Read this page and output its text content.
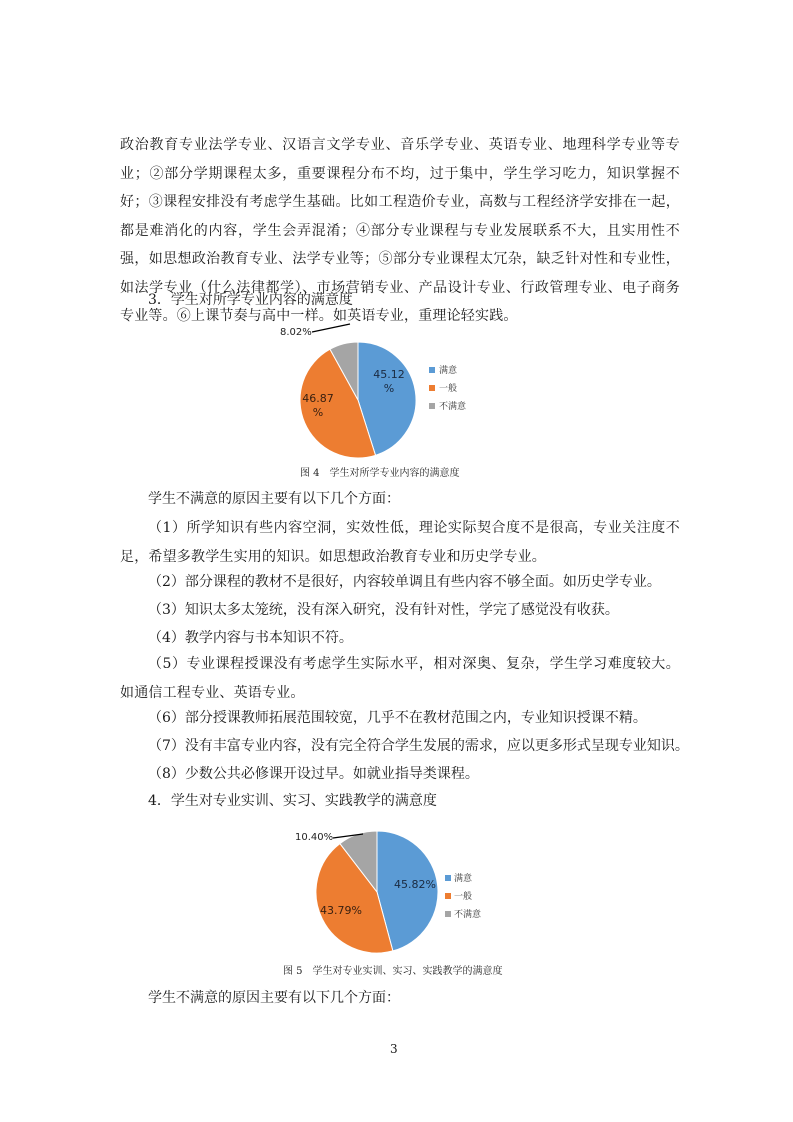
政治教育专业法学专业、汉语言文学专业、音乐学专业、英语专业、地理科学专业等专业；②部分学期课程太多，重要课程分布不均，过于集中，学生学习吃力，知识掌握不好；③课程安排没有考虑学生基础。比如工程造价专业，高数与工程经济学安排在一起，都是难消化的内容，学生会弄混淆；④部分专业课程与专业发展联系不大，且实用性不强，如思想政治教育专业、法学专业等；⑤部分专业课程太冗杂，缺乏针对性和专业性，如法学专业（什么法律都学）、市场营销专业、产品设计专业、行政管理专业、电子商务专业等。⑥上课节奏与高中一样。如英语专业，重理论轻实践。

3．学生对所学专业内容的满意度

8.02%
45.12
%
46.87
%
满意
一般
不满意
图 4　学生对所学专业内容的满意度

学生不满意的原因主要有以下几个方面：

（1）所学知识有些内容空洞，实效性低，理论实际契合度不是很高，专业关注度不足，希望多教学生实用的知识。如思想政治教育专业和历史学专业。

（2）部分课程的教材不是很好，内容较单调且有些内容不够全面。如历史学专业。

（3）知识太多太笼统，没有深入研究，没有针对性，学完了感觉没有收获。

（4）教学内容与书本知识不符。

（5）专业课程授课没有考虑学生实际水平，相对深奥、复杂，学生学习难度较大。如通信工程专业、英语专业。

（6）部分授课教师拓展范围较宽，几乎不在教材范围之内，专业知识授课不精。

（7）没有丰富专业内容，没有完全符合学生发展的需求，应以更多形式呈现专业知识。

（8）少数公共必修课开设过早。如就业指导类课程。

4．学生对专业实训、实习、实践教学的满意度

10.40%
45.82%
43.79%
满意
一般
不满意
图 5　学生对专业实训、实习、实践教学的满意度

学生不满意的原因主要有以下几个方面：

3
